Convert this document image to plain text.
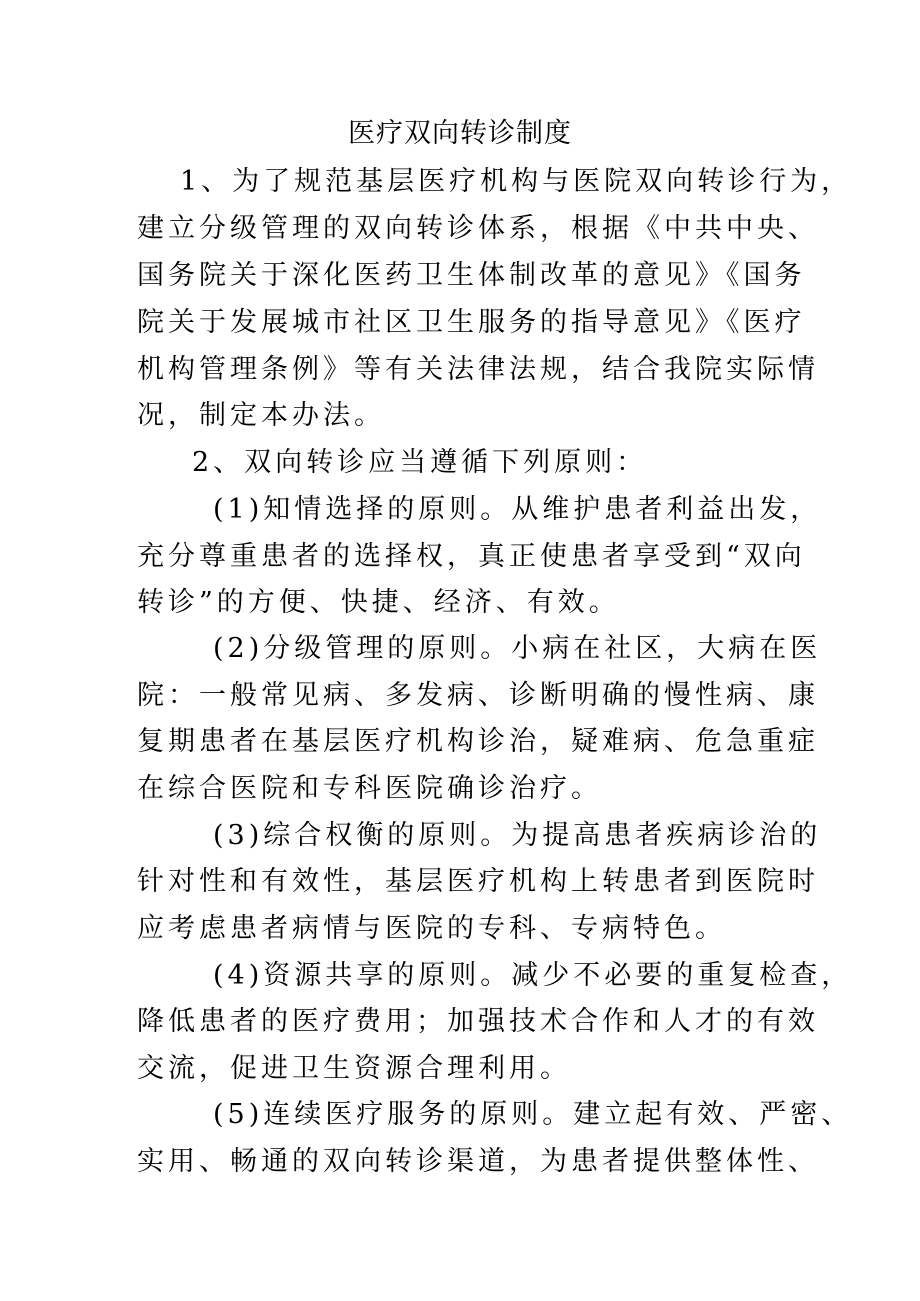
医疗双向转诊制度

1、为了规范基层医疗机构与医院双向转诊行为，

建立分级管理的双向转诊体系，根据《中共中央、

国务院关于深化医药卫生体制改革的意见》《国务

院关于发展城市社区卫生服务的指导意见》《医疗

机构管理条例》等有关法律法规，结合我院实际情

况，制定本办法。

2、双向转诊应当遵循下列原则：

(1)知情选择的原则。从维护患者利益出发，

充分尊重患者的选择权，真正使患者享受到“双向

转诊”的方便、快捷、经济、有效。

(2)分级管理的原则。小病在社区，大病在医

院：一般常见病、多发病、诊断明确的慢性病、康

复期患者在基层医疗机构诊治，疑难病、危急重症

在综合医院和专科医院确诊治疗。

(3)综合权衡的原则。为提高患者疾病诊治的

针对性和有效性，基层医疗机构上转患者到医院时

应考虑患者病情与医院的专科、专病特色。

(4)资源共享的原则。减少不必要的重复检查，

降低患者的医疗费用；加强技术合作和人才的有效

交流，促进卫生资源合理利用。

(5)连续医疗服务的原则。建立起有效、严密、

实用、畅通的双向转诊渠道，为患者提供整体性、
